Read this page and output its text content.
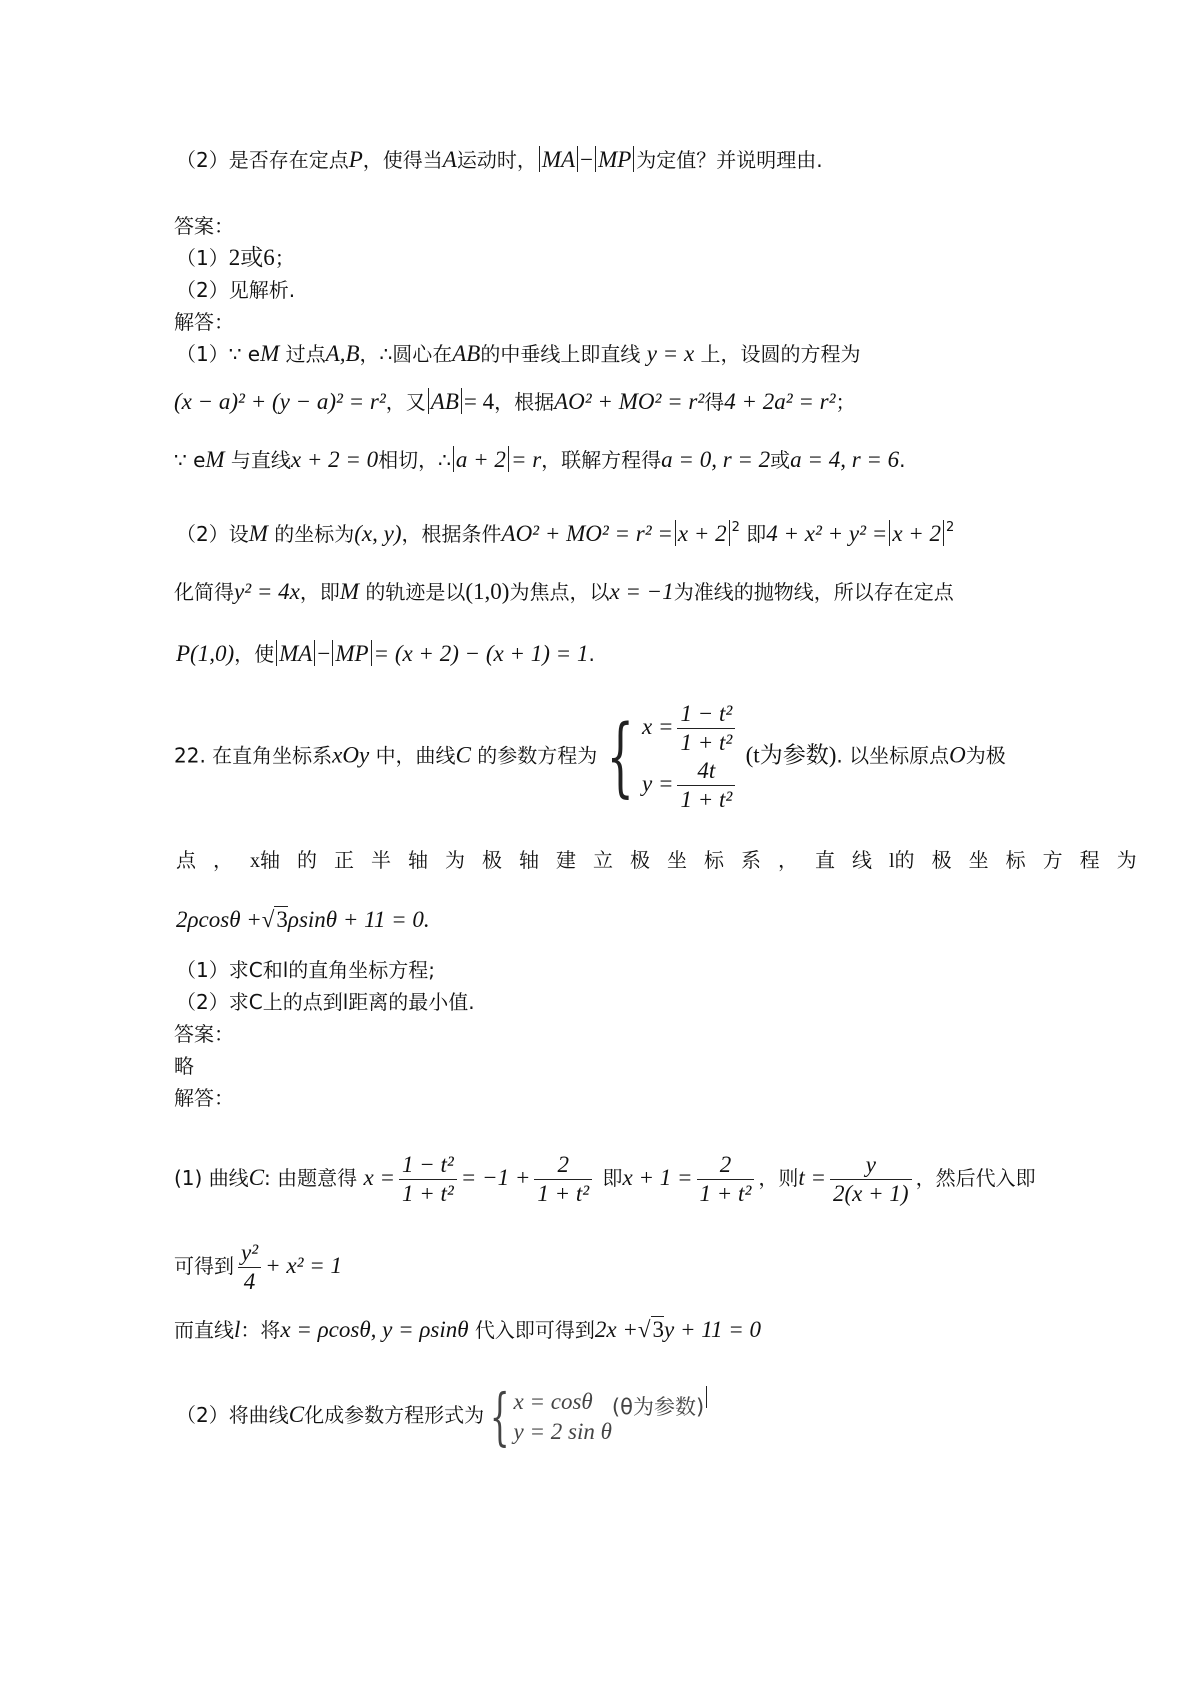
（2）是否存在定点P，使得当A运动时， MA − MP 为定值？并说明理由.
答案：
（1）2或6；
（2）见解析.
解答：
（1）∵ eM 过点A,B，∴圆心在AB的中垂线上即直线 y = x 上，设圆的方程为
(x − a)² + (y − a)² = r²，又 AB = 4，根据AO² + MO² = r²得4 + 2a² = r²；
∵ eM 与直线x + 2 = 0相切，∴ a + 2 = r，联解方程得a = 0, r = 2或a = 4, r = 6.
（2）设M 的坐标为(x, y)，根据条件AO² + MO² = r² = x + 2 $^2$ 即4 + x² + y² = x + 2 $^2$
化简得y² = 4x，即M 的轨迹是以(1,0)为焦点，以x = −1为准线的抛物线，所以存在定点
P(1,0)，使 MA − MP = (x + 2) − (x + 1) = 1.
22. 在直角坐标系xOy 中，曲线C 的参数方程为 { $x = \frac{\text{1 − t²}}{\text{1 + t²}}$
$y = \frac{4t}{\text{1 + t²}}$
(t为参数). 以坐标原点O为极
点 ， x轴 的 正 半 轴 为 极 轴 建 立 极 坐 标 系 ， 直 线 l的 极 坐 标 方 程 为
2ρcosθ +√3ρsinθ + 11 = 0.
（1）求C和l的直角坐标方程;
（2）求C上的点到l距离的最小值.
答案：
略
解答：
(1) 曲线C: 由题意得 $x = \frac{\text{1 − t²}}{\text{1 + t²}} = -1 + \frac{2}{\text{1 + t²}}$ 即$x + 1 = \frac{2}{\text{1 + t²}}$ ，则$t = \frac{y}{2(x + 1)}$ ，然后代入即
可得到 $\frac{\text{y²}}{4} + x^2 = 1$
而直线l：将x = ρcosθ, y = ρsinθ 代入即可得到2x +√3y + 11 = 0
（2）将曲线C化成参数方程形式为{ x = cosθ
y = 2 sin θ
(θ为参数)
